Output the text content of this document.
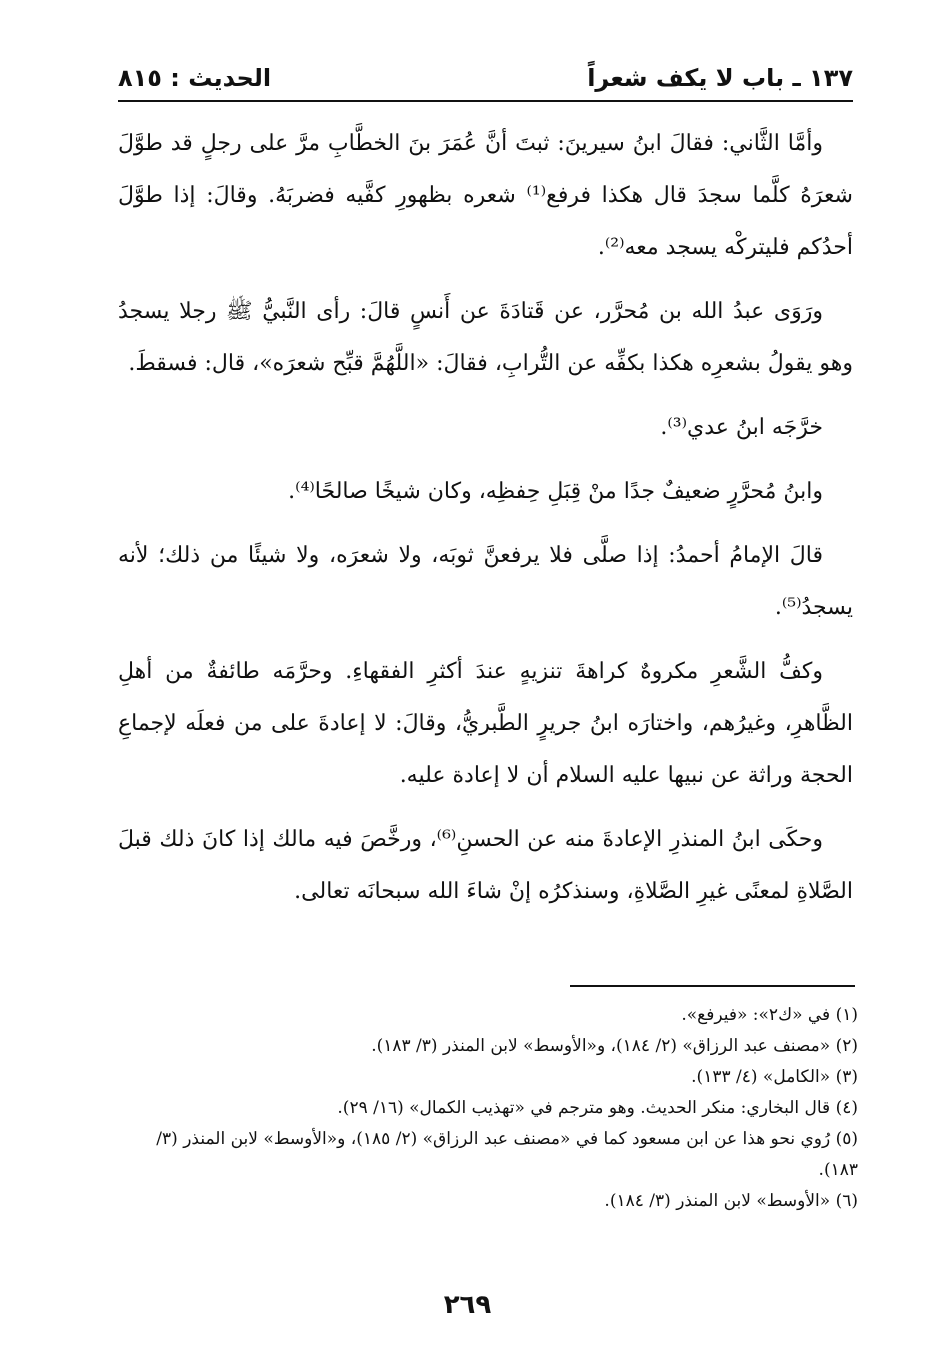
١٣٧ ـ باب لا يكف شعراً
الحديث : ٨١٥

وأمَّا الثَّاني: فقالَ ابنُ سيرينَ: ثبتَ أنَّ عُمَرَ بنَ الخطَّابِ مرَّ على رجلٍ قد طوَّلَ شعرَهُ كلَّما سجدَ قال هكذا فرفع⁽¹⁾ شعره بظهورِ كفَّيه فضربَهُ. وقالَ: إذا طوَّلَ أحدُكم فليتركْه يسجد معه⁽²⁾.

ورَوَى عبدُ الله بن مُحرَّر، عن قَتادَةَ عن أَنسٍ قالَ: رأى النَّبيُّ ﷺ رجلا يسجدُ وهو يقولُ بشعرِه هكذا بكفِّه عن التُّرابِ، فقالَ: «اللَّهُمَّ قبِّح شعرَه»، قال: فسقطَ.

خرَّجَه ابنُ عدي⁽³⁾.

وابنُ مُحرَّرٍ ضعيفٌ جدًا منْ قِبَلِ حِفظِه، وكان شيخًا صالحًا⁽⁴⁾.

قالَ الإمامُ أحمدُ: إذا صلَّى فلا يرفعنَّ ثوبَه، ولا شعرَه، ولا شيئًا من ذلك؛ لأنه يسجدُ⁽⁵⁾.

وكفُّ الشَّعرِ مكروهٌ كراهةَ تنزيهٍ عندَ أكثرِ الفقهاءِ. وحرَّمَه طائفةٌ من أهلِ الظَّاهرِ، وغيرُهم، واختارَه ابنُ جريرٍ الطَّبريُّ، وقالَ: لا إعادةَ على من فعلَه لإجماعِ الحجة وراثة عن نبيها عليه السلام أن لا إعادة عليه.

وحكَى ابنُ المنذرِ الإعادةَ منه عن الحسنِ⁽⁶⁾، ورخَّصَ فيه مالك إذا كانَ ذلك قبلَ الصَّلاةِ لمعنًى غيرِ الصَّلاةِ، وسنذكرُه إنْ شاءَ الله سبحانَه تعالى.

(١) في «ك٢»: «فيرفع».

(٢) «مصنف عبد الرزاق» (٢/ ١٨٤)، و«الأوسط» لابن المنذر (٣/ ١٨٣).

(٣) «الكامل» (٤/ ١٣٣).

(٤) قال البخاري: منكر الحديث. وهو مترجم في «تهذيب الكمال» (١٦/ ٢٩).

(٥) رُوي نحو هذا عن ابن مسعود كما في «مصنف عبد الرزاق» (٢/ ١٨٥)، و«الأوسط» لابن المنذر (٣/ ١٨٣).

(٦) «الأوسط» لابن المنذر (٣/ ١٨٤).

٢٦٩
